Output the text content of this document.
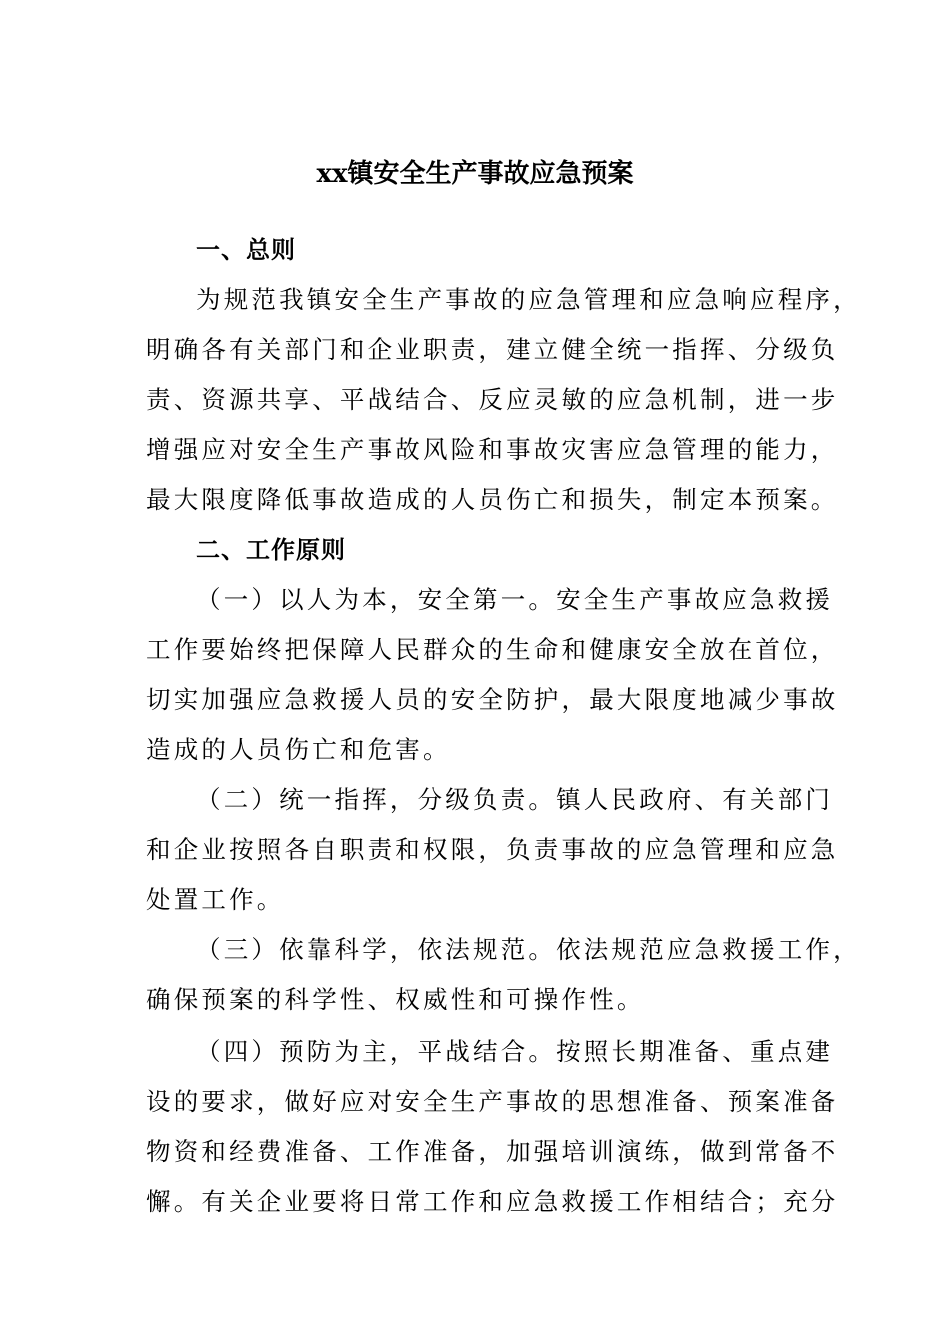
xx镇安全生产事故应急预案
一、总则
为规范我镇安全生产事故的应急管理和应急响应程序，
明确各有关部门和企业职责，建立健全统一指挥、分级负
责、资源共享、平战结合、反应灵敏的应急机制，进一步
增强应对安全生产事故风险和事故灾害应急管理的能力，
最大限度降低事故造成的人员伤亡和损失，制定本预案。
二、工作原则
（一）以人为本，安全第一。安全生产事故应急救援
工作要始终把保障人民群众的生命和健康安全放在首位，
切实加强应急救援人员的安全防护，最大限度地减少事故
造成的人员伤亡和危害。
（二）统一指挥，分级负责。镇人民政府、有关部门
和企业按照各自职责和权限，负责事故的应急管理和应急
处置工作。
（三）依靠科学，依法规范。依法规范应急救援工作，
确保预案的科学性、权威性和可操作性。
（四）预防为主，平战结合。按照长期准备、重点建
设的要求，做好应对安全生产事故的思想准备、预案准备
物资和经费准备、工作准备，加强培训演练，做到常备不
懈。有关企业要将日常工作和应急救援工作相结合；充分
